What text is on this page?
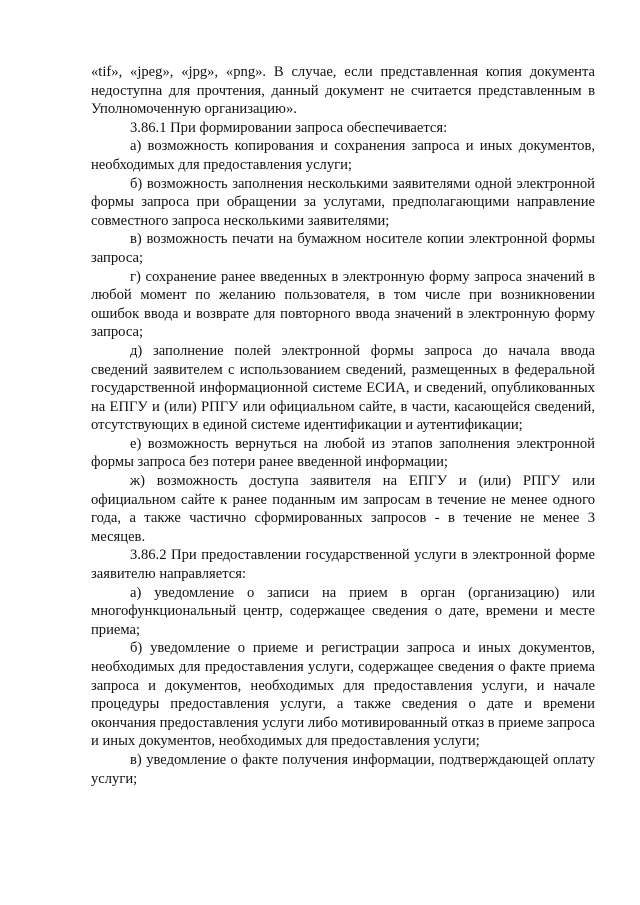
«tif», «jpeg», «jpg», «png». В случае, если представленная копия документа недоступна для прочтения, данный документ не считается представленным в Уполномоченную организацию».

3.86.1 При формировании запроса обеспечивается:

а) возможность копирования и сохранения запроса и иных документов, необходимых для предоставления услуги;

б) возможность заполнения несколькими заявителями одной электронной формы запроса при обращении за услугами, предполагающими направление совместного запроса несколькими заявителями;

в) возможность печати на бумажном носителе копии электронной формы запроса;

г) сохранение ранее введенных в электронную форму запроса значений в любой момент по желанию пользователя, в том числе при возникновении ошибок ввода и возврате для повторного ввода значений в электронную форму запроса;

д) заполнение полей электронной формы запроса до начала ввода сведений заявителем с использованием сведений, размещенных в федеральной государственной информационной системе ЕСИА, и сведений, опубликованных на ЕПГУ и (или) РПГУ или официальном сайте, в части, касающейся сведений, отсутствующих в единой системе идентификации и аутентификации;

е) возможность вернуться на любой из этапов заполнения электронной формы запроса без потери ранее введенной информации;

ж) возможность доступа заявителя на ЕПГУ и (или) РПГУ или официальном сайте к ранее поданным им запросам в течение не менее одного года, а также частично сформированных запросов - в течение не менее 3 месяцев.

3.86.2 При предоставлении государственной услуги в электронной форме заявителю направляется:

а) уведомление о записи на прием в орган (организацию) или многофункциональный центр, содержащее сведения о дате, времени и месте приема;

б) уведомление о приеме и регистрации запроса и иных документов, необходимых для предоставления услуги, содержащее сведения о факте приема запроса и документов, необходимых для предоставления услуги, и начале процедуры предоставления услуги, а также сведения о дате и времени окончания предоставления услуги либо мотивированный отказ в приеме запроса и иных документов, необходимых для предоставления услуги;

в) уведомление о факте получения информации, подтверждающей оплату услуги;
